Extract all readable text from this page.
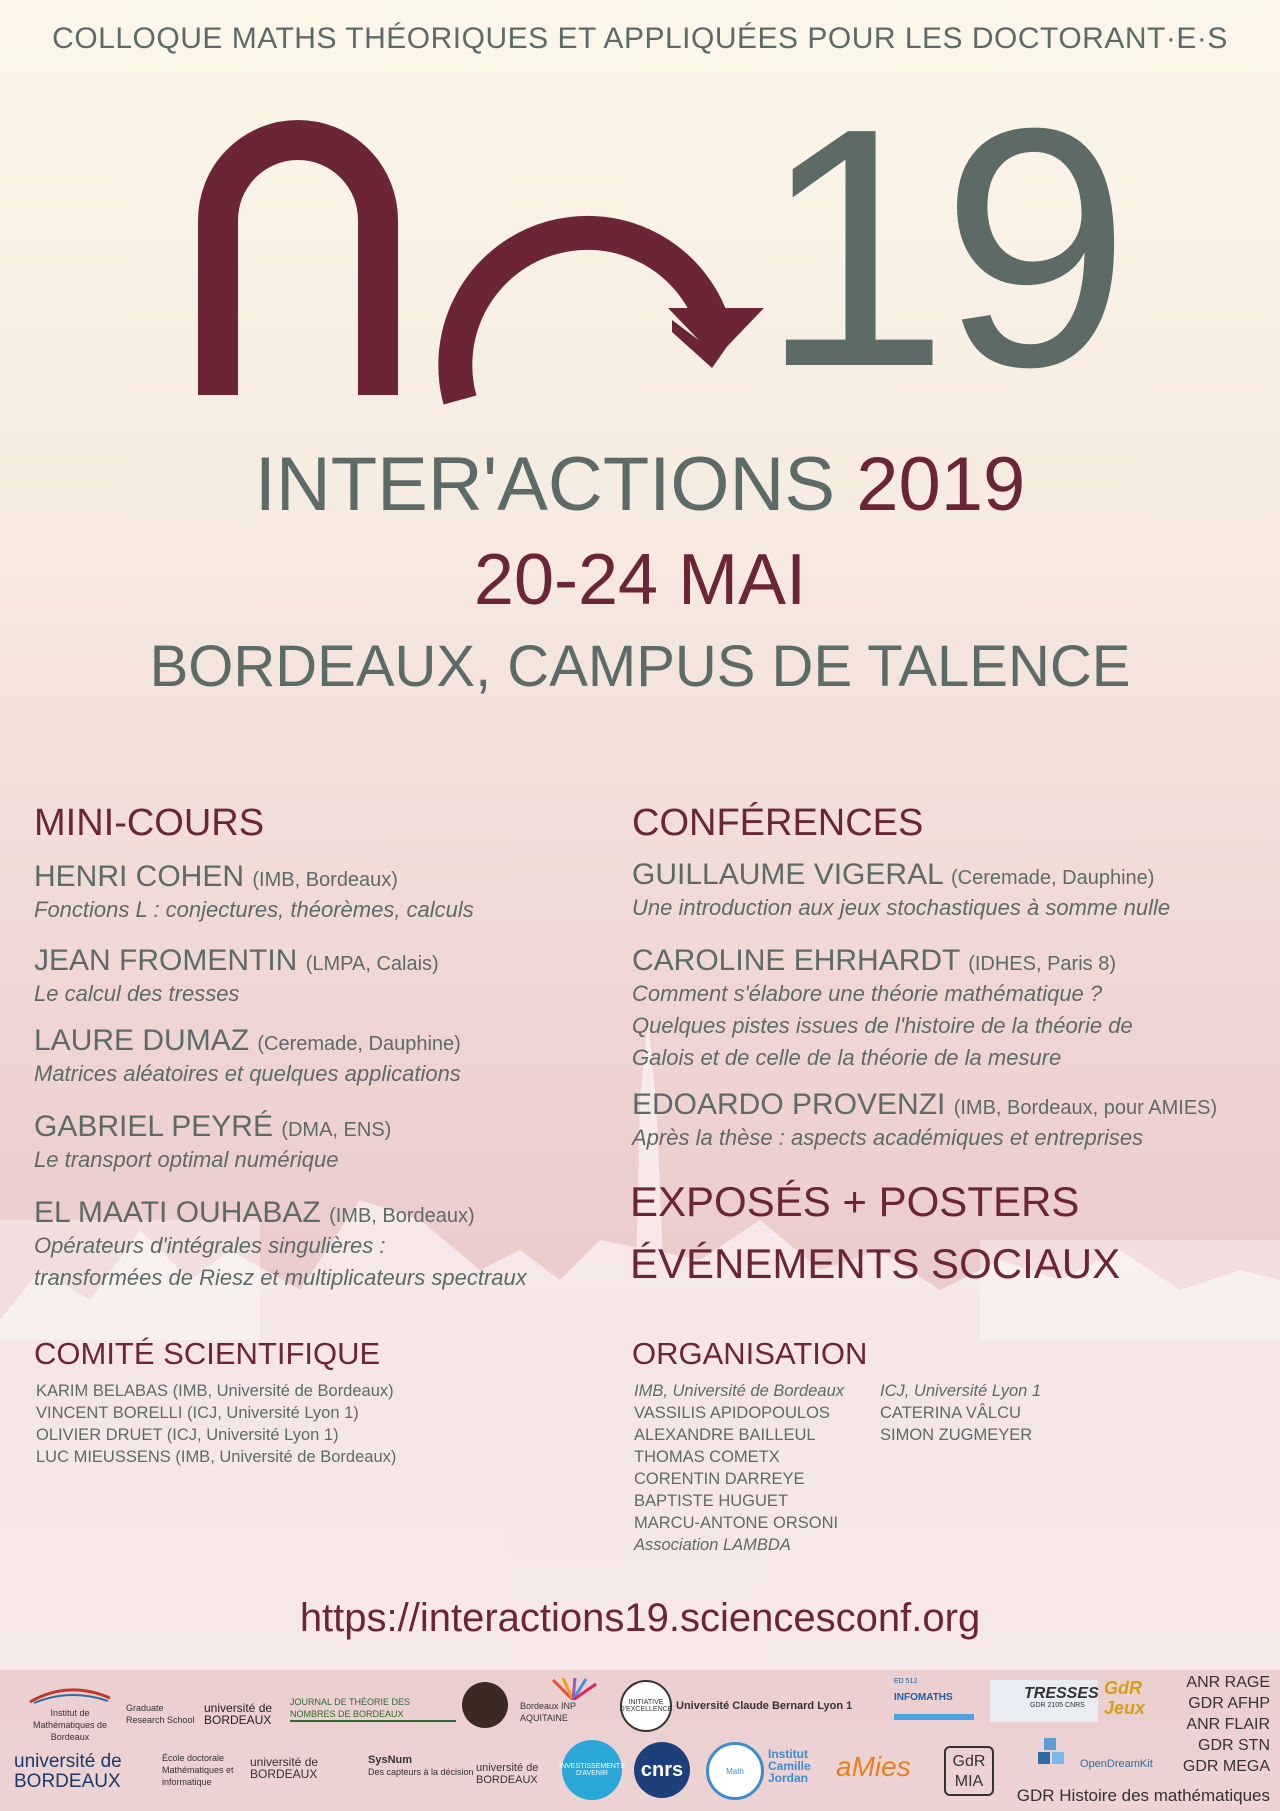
COLLOQUE MATHS THÉORIQUES ET APPLIQUÉES POUR LES DOCTORANT·E·S
19
INTER'ACTIONS 2019
20-24 MAI
BORDEAUX, CAMPUS DE TALENCE
MINI-COURS
HENRI COHEN (IMB, Bordeaux)
Fonctions L : conjectures, théorèmes, calculs
JEAN FROMENTIN (LMPA, Calais)
Le calcul des tresses
LAURE DUMAZ (Ceremade, Dauphine)
Matrices aléatoires et quelques applications
GABRIEL PEYRÉ (DMA, ENS)
Le transport optimal numérique
EL MAATI OUHABAZ (IMB, Bordeaux)
Opérateurs d'intégrales singulières :
transformées de Riesz et multiplicateurs spectraux
CONFÉRENCES
GUILLAUME VIGERAL (Ceremade, Dauphine)
Une introduction aux jeux stochastiques à somme nulle
CAROLINE EHRHARDT (IDHES, Paris 8)
Comment s'élabore une théorie mathématique ?
Quelques pistes issues de l'histoire de la théorie de
Galois et de celle de la théorie de la mesure
EDOARDO PROVENZI (IMB, Bordeaux, pour AMIES)
Après la thèse : aspects académiques et entreprises
EXPOSÉS + POSTERS
ÉVÉNEMENTS SOCIAUX
COMITÉ SCIENTIFIQUE
KARIM BELABAS (IMB, Université de Bordeaux)
VINCENT BORELLI (ICJ, Université Lyon 1)
OLIVIER DRUET (ICJ, Université Lyon 1)
LUC MIEUSSENS (IMB, Université de Bordeaux)
ORGANISATION
IMB, Université de Bordeaux
VASSILIS APIDOPOULOS
ALEXANDRE BAILLEUL
THOMAS COMETX
CORENTIN DARREYE
BAPTISTE HUGUET
MARCU-ANTONE ORSONI
Association LAMBDA
ICJ, Université Lyon 1
CATERINA VÂLCU
SIMON ZUGMEYER
https://interactions19.sciencesconf.org
Institut de Mathématiques de Bordeaux
Graduate Research School
université de BORDEAUX
JOURNAL DE THÉORIE DES NOMBRES DE BORDEAUX
Bordeaux INP AQUITAINE
INITIATIVE D'EXCELLENCE Université Claude Bernard Lyon 1
ED 512
INFOMATHS	TRESSES
GDR 2105 CNRS
GdR Jeux
ANR RAGE
GDR AFHP
ANR FLAIR
GDR STN
GDR MEGA
université de BORDEAUX
École doctorale Mathématiques et informatique
université de BORDEAUX
SysNum
Des capteurs à la décision université de BORDEAUX
INVESTISSEMENTS D'AVENIR	cnrs	Math
Institut Camille Jordan aMies	GdR MIA
OpenDreamKit
GDR Histoire des mathématiques
